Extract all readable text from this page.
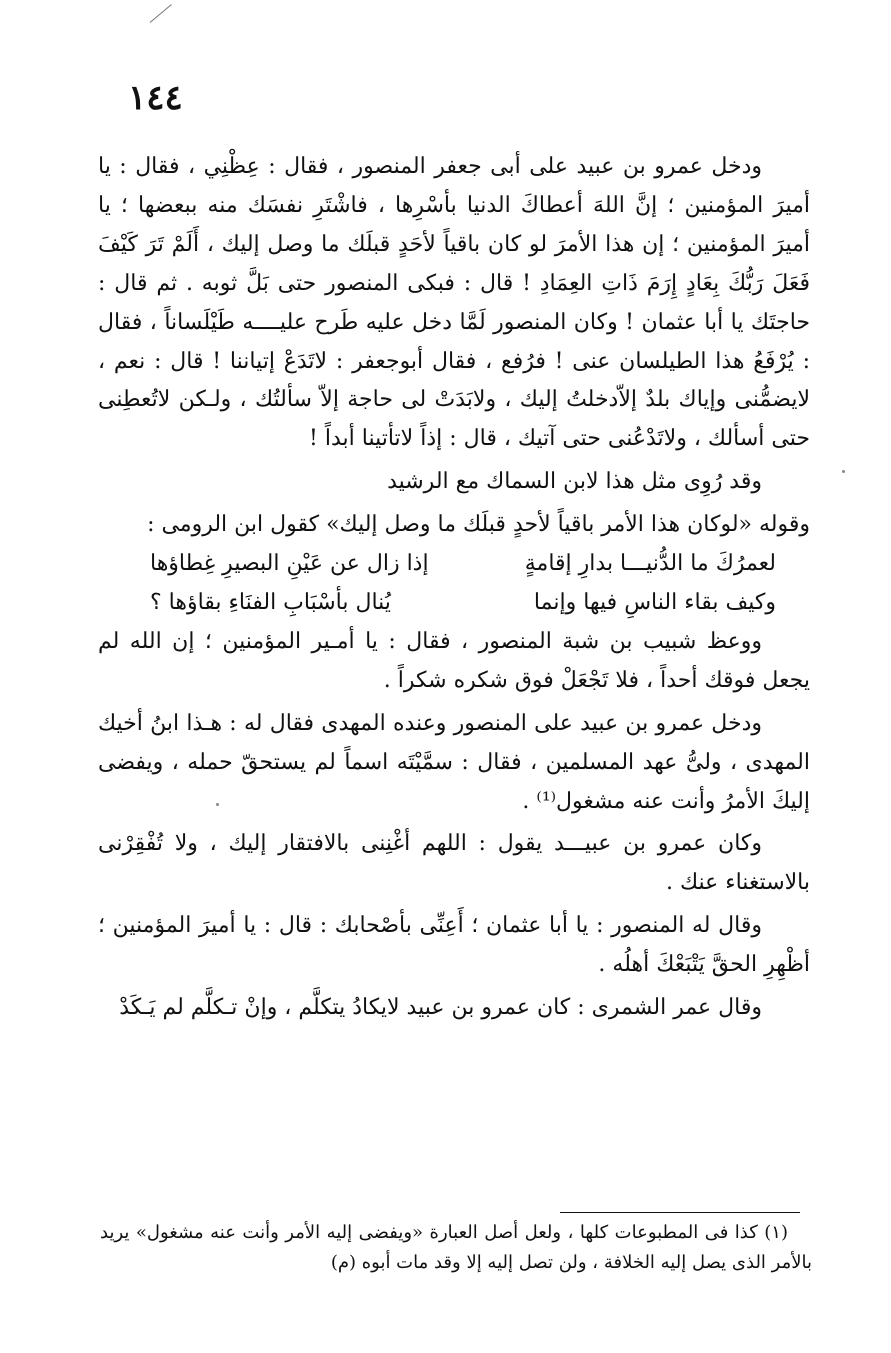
١٤٤

ودخل عمرو بن عبيد على أبى جعفر المنصور ، فقال : عِظْنِي ، فقال : يا أميرَ المؤمنين ؛ إنَّ اللهَ أعطاكَ الدنيا بأسْرِها ، فاشْتَرِ نفسَك منه ببعضها ؛ يا أميرَ المؤمنين ؛ إن هذا الأمرَ لو كان باقياً لأحَدٍ قبلَك ما وصل إليك ، أَلَمْ تَرَ كَيْفَ فَعَلَ رَبُّكَ بِعَادٍ إِرَمَ ذَاتِ العِمَادِ ! قال : فبكى المنصور حتى بَلَّ ثوبه . ثم قال : حاجتَك يا أبا عثمان ! وكان المنصور لَمَّا دخل عليه طَرح عليــــه طَيْلَساناً ، فقال : يُرْفَعُ هذا الطيلسان عنى ! فرُفع ، فقال أبوجعفر : لاتَدَعْ إتياننا ! قال : نعم ، لايضمُّنى وإياك بلدٌ إلاّدخلتُ إليك ، ولابَدَتْ لى حاجة إلاّ سألتُك ، ولـكن لاتُعطِنى حتى أسألك ، ولاتَدْعُنى حتى آتيك ، قال : إذاً لاتأتينا أبداً !

وقد رُوِى مثل هذا لابن السماك مع الرشيد

وقوله «لوكان هذا الأمر باقياً لأحدٍ قبلَك ما وصل إليك» كقول ابن الرومى :

لعمرُكَ ما الدُّنيـــا بدارِ إقامةٍ
إذا زال عن عَيْنِ البصيرِ غِطاؤها
وكيف بقاء الناسِ فيها وإنما
يُنال بأسْبَابِ الفنَاءِ بقاؤها ؟

ووعظ شبيب بن شبة المنصور ، فقال : يا أمـير المؤمنين ؛ إن الله لم يجعل فوقك أحداً ، فلا تَجْعَلْ فوق شكره شكراً .

ودخل عمرو بن عبيد على المنصور وعنده المهدى فقال له : هـذا ابنُ أخيك المهدى ، ولىُّ عهد المسلمين ، فقال : سمَّيْتَه اسماً لم يستحقّ حمله ، ويفضى إليكَ الأمرُ وأنت عنه مشغول⁽¹⁾ .

وكان عمرو بن عبيـــد يقول : اللهم أغْنِنى بالافتقار إليك ، ولا تُفْقِرْنى بالاستغناء عنك .

وقال له المنصور : يا أبا عثمان ؛ أَعِنِّى بأصْحابك : قال : يا أميرَ المؤمنين ؛ أظْهِرِ الحقَّ يَتْبَعْكَ أهلُه .

وقال عمر الشمرى : كان عمرو بن عبيد لايكادُ يتكلَّم ، وإنْ تـكلَّم لم يَـكَدْ

(١) كذا فى المطبوعات كلها ، ولعل أصل العبارة «ويفضى إليه الأمر وأنت عنه مشغول» يريد بالأمر الذى يصل إليه الخلافة ، ولن تصل إليه إلا وقد مات أبوه (م)
